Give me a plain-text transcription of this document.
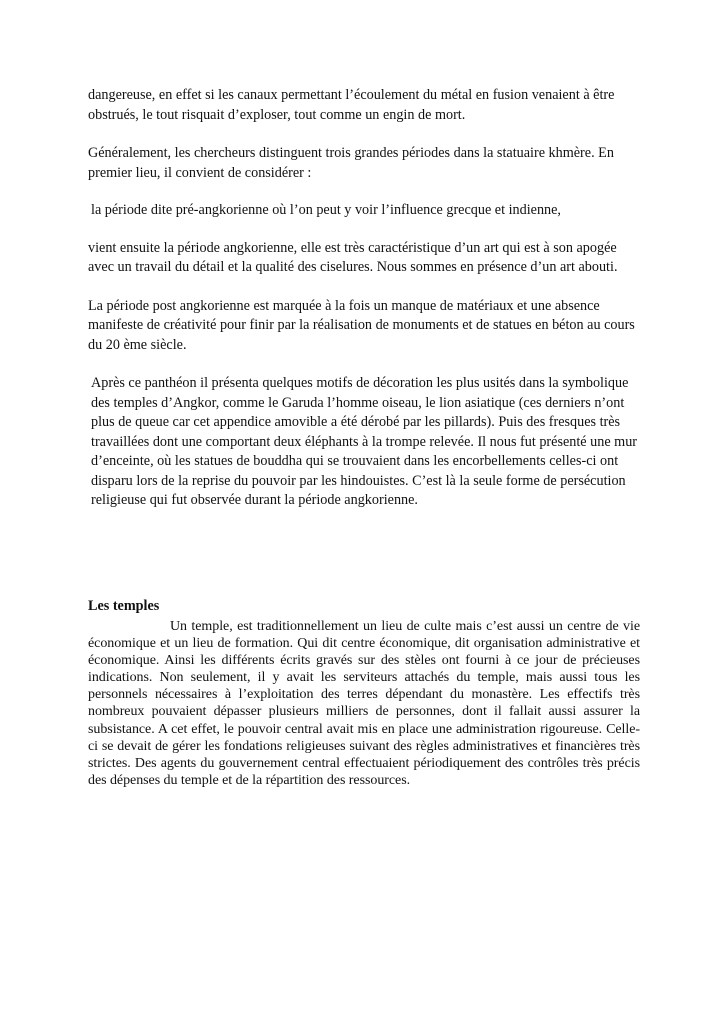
dangereuse, en effet si les canaux permettant l’écoulement du métal en fusion venaient à être obstrués, le tout risquait d’exploser, tout comme un engin de mort.

Généralement, les chercheurs distinguent trois grandes périodes dans la statuaire khmère. En premier lieu, il convient de considérer :

la période dite pré-angkorienne où l’on peut y voir l’influence grecque et indienne,

vient ensuite la période angkorienne, elle est très caractéristique d’un art qui est à son apogée avec un travail du détail et la qualité des ciselures. Nous sommes en présence d’un art abouti.

La période post angkorienne est marquée à la fois un manque de matériaux et une absence manifeste de créativité pour finir par la réalisation de monuments et de statues en béton au cours du 20 ème siècle.

Après ce panthéon il présenta quelques motifs de décoration les plus usités dans la symbolique des temples d’Angkor, comme le Garuda l’homme oiseau, le lion asiatique (ces derniers n’ont plus de queue car cet appendice amovible a été dérobé par les pillards). Puis des fresques très travaillées dont une comportant deux éléphants à la trompe relevée. Il nous fut présenté une mur d’enceinte, où les statues de bouddha qui se trouvaient dans les encorbellements celles-ci ont disparu lors de la reprise du pouvoir par les hindouistes. C’est là la seule forme de persécution religieuse qui fut observée durant la période angkorienne.

Les temples

Un temple, est traditionnellement un lieu de culte mais c’est aussi un centre de vie économique et un lieu de formation. Qui dit centre économique, dit organisation administrative et économique. Ainsi les différents écrits gravés sur des stèles ont fourni à ce jour de précieuses indications. Non seulement, il y avait les serviteurs attachés du temple, mais aussi tous les personnels nécessaires à l’exploitation des terres dépendant du monastère. Les effectifs très nombreux pouvaient dépasser plusieurs milliers de personnes, dont il fallait aussi assurer la subsistance. A cet effet, le pouvoir central avait mis en place une administration rigoureuse. Celle-ci se devait de gérer les fondations religieuses suivant des règles administratives et financières très strictes. Des agents du gouvernement central effectuaient périodiquement des contrôles très précis des dépenses du temple et de la répartition des ressources.
